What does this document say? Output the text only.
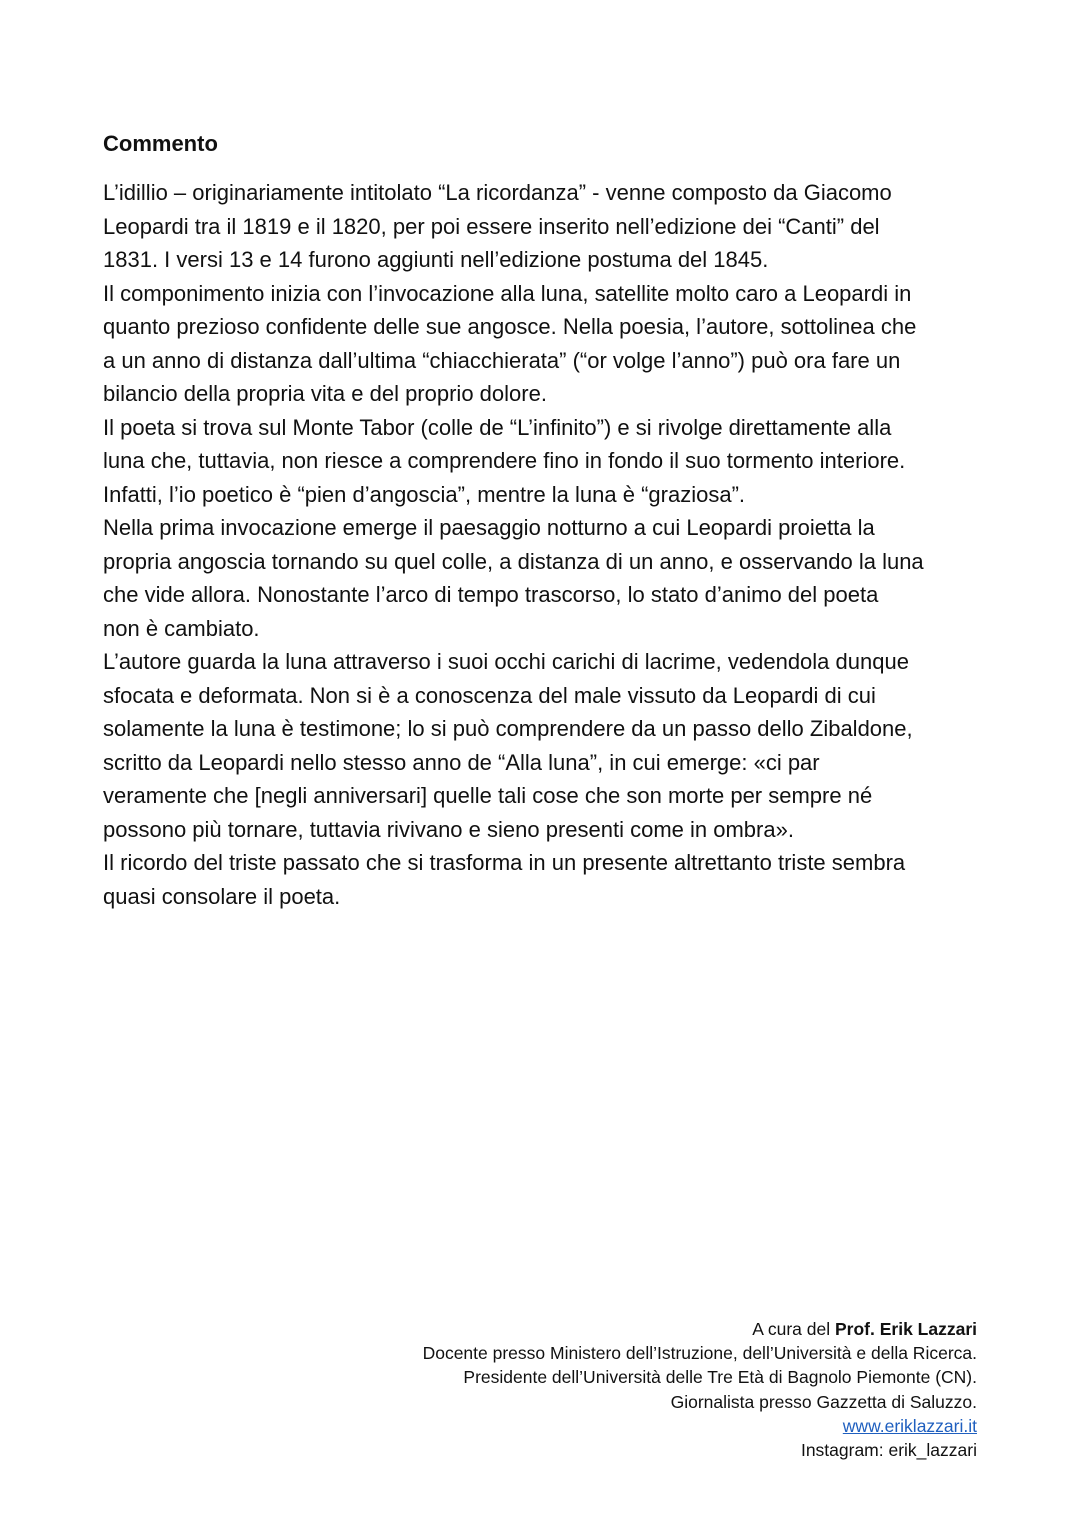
Commento
L’idillio – originariamente intitolato “La ricordanza” - venne composto da Giacomo
Leopardi tra il 1819 e il 1820, per poi essere inserito nell’edizione dei “Canti” del
1831. I versi 13 e 14 furono aggiunti nell’edizione postuma del 1845.
Il componimento inizia con l’invocazione alla luna, satellite molto caro a Leopardi in
quanto prezioso confidente delle sue angosce. Nella poesia, l’autore, sottolinea che
a un anno di distanza dall’ultima “chiacchierata” (“or volge l’anno”) può ora fare un
bilancio della propria vita e del proprio dolore.
Il poeta si trova sul Monte Tabor (colle de “L’infinito”) e si rivolge direttamente alla
luna che, tuttavia, non riesce a comprendere fino in fondo il suo tormento interiore.
Infatti, l’io poetico è “pien d’angoscia”, mentre la luna è “graziosa”.
Nella prima invocazione emerge il paesaggio notturno a cui Leopardi proietta la
propria angoscia tornando su quel colle, a distanza di un anno, e osservando la luna
che vide allora. Nonostante l’arco di tempo trascorso, lo stato d’animo del poeta
non è cambiato.
L’autore guarda la luna attraverso i suoi occhi carichi di lacrime, vedendola dunque
sfocata e deformata. Non si è a conoscenza del male vissuto da Leopardi di cui
solamente la luna è testimone; lo si può comprendere da un passo dello Zibaldone,
scritto da Leopardi nello stesso anno de “Alla luna”, in cui emerge: «ci par
veramente che [negli anniversari] quelle tali cose che son morte per sempre né
possono più tornare, tuttavia rivivano e sieno presenti come in ombra».
Il ricordo del triste passato che si trasforma in un presente altrettanto triste sembra
quasi consolare il poeta.
A cura del Prof. Erik Lazzari
Docente presso Ministero dell’Istruzione, dell’Università e della Ricerca.
Presidente dell’Università delle Tre Età di Bagnolo Piemonte (CN).
Giornalista presso Gazzetta di Saluzzo.
www.eriklazzari.it
Instagram: erik_lazzari
